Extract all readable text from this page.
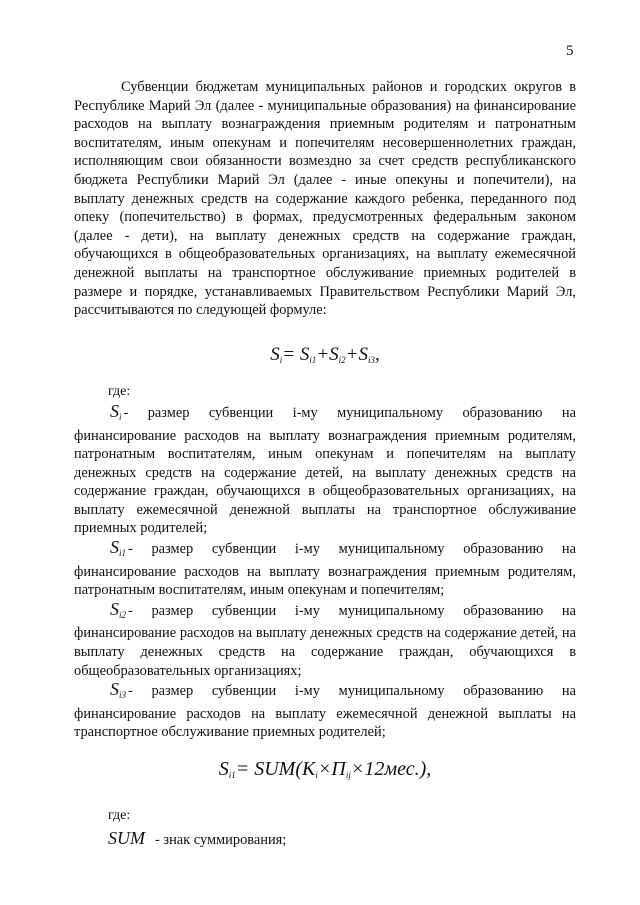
5

Субвенции бюджетам муниципальных районов и городских округов в Республике Марий Эл (далее - муниципальные образования) на финансирование расходов на выплату вознаграждения приемным родителям и патронатным воспитателям, иным опекунам и попечителям несовершеннолетних граждан, исполняющим свои обязанности возмездно за счет средств республиканского бюджета Республики Марий Эл (далее - иные опекуны и попечители), на выплату денежных средств на содержание каждого ребенка, переданного под опеку (попечительство) в формах, предусмотренных федеральным законом (далее - дети), на выплату денежных средств на содержание граждан, обучающихся в общеобразовательных организациях, на выплату ежемесячной денежной выплаты на транспортное обслуживание приемных родителей в размере и порядке, устанавливаемых Правительством Республики Марий Эл, рассчитываются по следующей формуле:

$S_i= S_{i1}+S_{i2}+S_{i3}$,

где:

$S_i$ - размер субвенции i-му муниципальному образованию на финансирование расходов на выплату вознаграждения приемным родителям, патронатным воспитателям, иным опекунам и попечителям на выплату денежных средств на содержание детей, на выплату денежных средств на содержание граждан, обучающихся в общеобразовательных организациях, на выплату ежемесячной денежной выплаты на транспортное обслуживание приемных родителей;

$S_{i1}$ - размер субвенции i-му муниципальному образованию на финансирование расходов на выплату вознаграждения приемным родителям, патронатным воспитателям, иным опекунам и попечителям;

$S_{i2}$ - размер субвенции i-му муниципальному образованию на финансирование расходов на выплату денежных средств на содержание детей, на выплату денежных средств на содержание граждан, обучающихся в общеобразовательных организациях;

$S_{i3}$ - размер субвенции i-му муниципальному образованию на финансирование расходов на выплату ежемесячной денежной выплаты на транспортное обслуживание приемных родителей;

$S_{i1}= SUM(K_i\times П_{ij}\times 12мес.)$,

где:

SUM - знак суммирования;
